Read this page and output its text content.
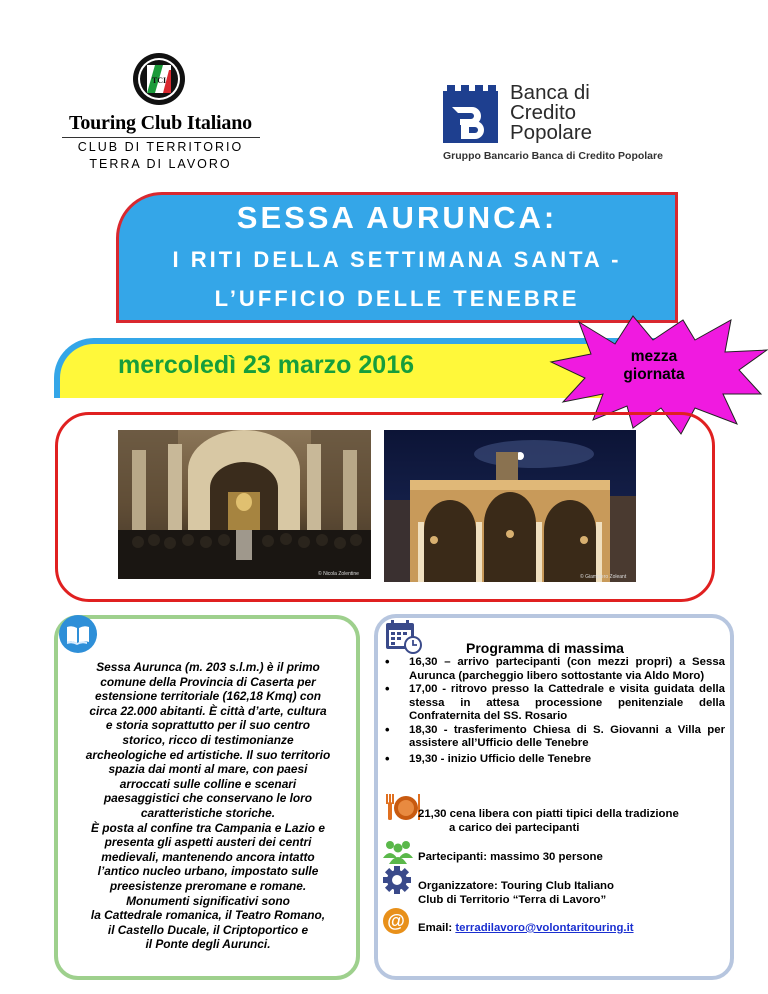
TCI
Touring Club Italiano
CLUB DI TERRITORIO
TERRA DI LAVORO
Banca di
Credito
Popolare
Gruppo Bancario Banca di Credito Popolare
SESSA AURUNCA:
I RITI DELLA SETTIMANA SANTA -
L’UFFICIO DELLE TENEBRE
mercoledì 23 marzo 2016	mezza
giornata
© Nicola Zolentine	© Giampiero Zoleant
Sessa Aurunca (m. 203 s.l.m.) è il primo
comune della Provincia di Caserta per
estensione territoriale (162,18 Kmq) con
circa 22.000 abitanti. È città d’arte, cultura
e storia soprattutto per il suo centro
storico, ricco di testimonianze
archeologiche ed artistiche. Il suo territorio
spazia dai monti al mare, con paesi
arroccati sulle colline e scenari
paesaggistici che conservano le loro
caratteristiche storiche.
È posta al confine tra Campania e Lazio e
presenta gli aspetti austeri dei centri
medievali, mantenendo ancora intatto
l’antico nucleo urbano, impostato sulle
preesistenze preromane e romane.
Monumenti significativi sono
la Cattedrale romanica, il Teatro Romano,
il Castello Ducale, il Criptoportico e
il Ponte degli Aurunci.
Programma di massima
• 16,30 – arrivo partecipanti (con mezzi propri) a Sessa Aurunca (parcheggio libero sottostante via Aldo Moro)
• 17,00 - ritrovo presso la Cattedrale e visita guidata della stessa in attesa processione penitenziale della Confraternita del SS. Rosario
• 18,30 - trasferimento Chiesa di S. Giovanni a Villa per assistere all’Ufficio delle Tenebre
• 19,30 - inizio Ufficio delle Tenebre
21,30 cena libera con piatti tipici della tradizione
a carico dei partecipanti
Partecipanti: massimo 30 persone
Organizzatore: Touring Club Italiano
Club di Territorio “Terra di Lavoro”
@ Email: terradilavoro@volontaritouring.it
